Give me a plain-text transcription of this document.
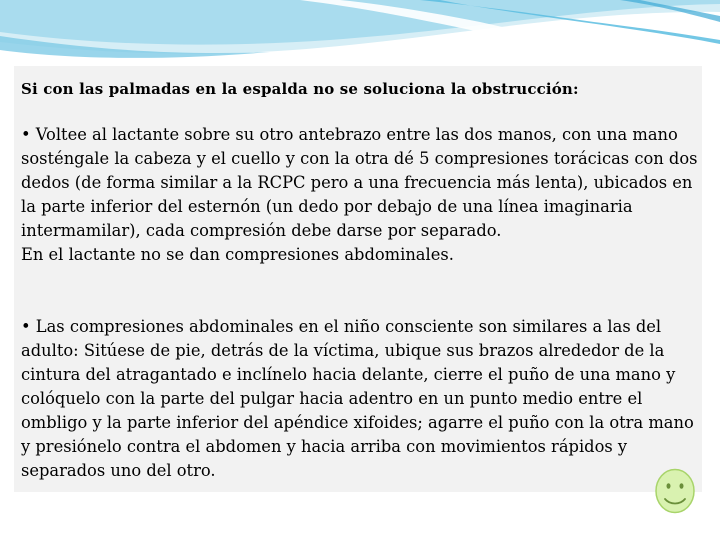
Si con las palmadas en la espalda no se soluciona la obstrucción:
• Voltee al lactante sobre su otro antebrazo entre las dos manos, con una mano sosténgale la cabeza y el cuello y con la otra dé 5 compresiones torácicas con dos dedos (de forma similar a la RCPC pero a una frecuencia más lenta), ubicados en la parte inferior del esternón (un dedo por debajo de una línea imaginaria intermamilar), cada compresión debe darse por separado.
En el lactante no se dan compresiones abdominales.
• Las compresiones abdominales en el niño consciente son similares a las del adulto: Sitúese de pie, detrás de la víctima, ubique sus brazos alrededor de la cintura del atragantado e inclínelo hacia delante, cierre el puño de una mano y colóquelo con la parte del pulgar hacia adentro en un punto medio entre el ombligo y la parte inferior del apéndice xifoides; agarre el puño con la otra mano y presiónelo contra el abdomen y hacia arriba con movimientos rápidos y separados uno del otro.
